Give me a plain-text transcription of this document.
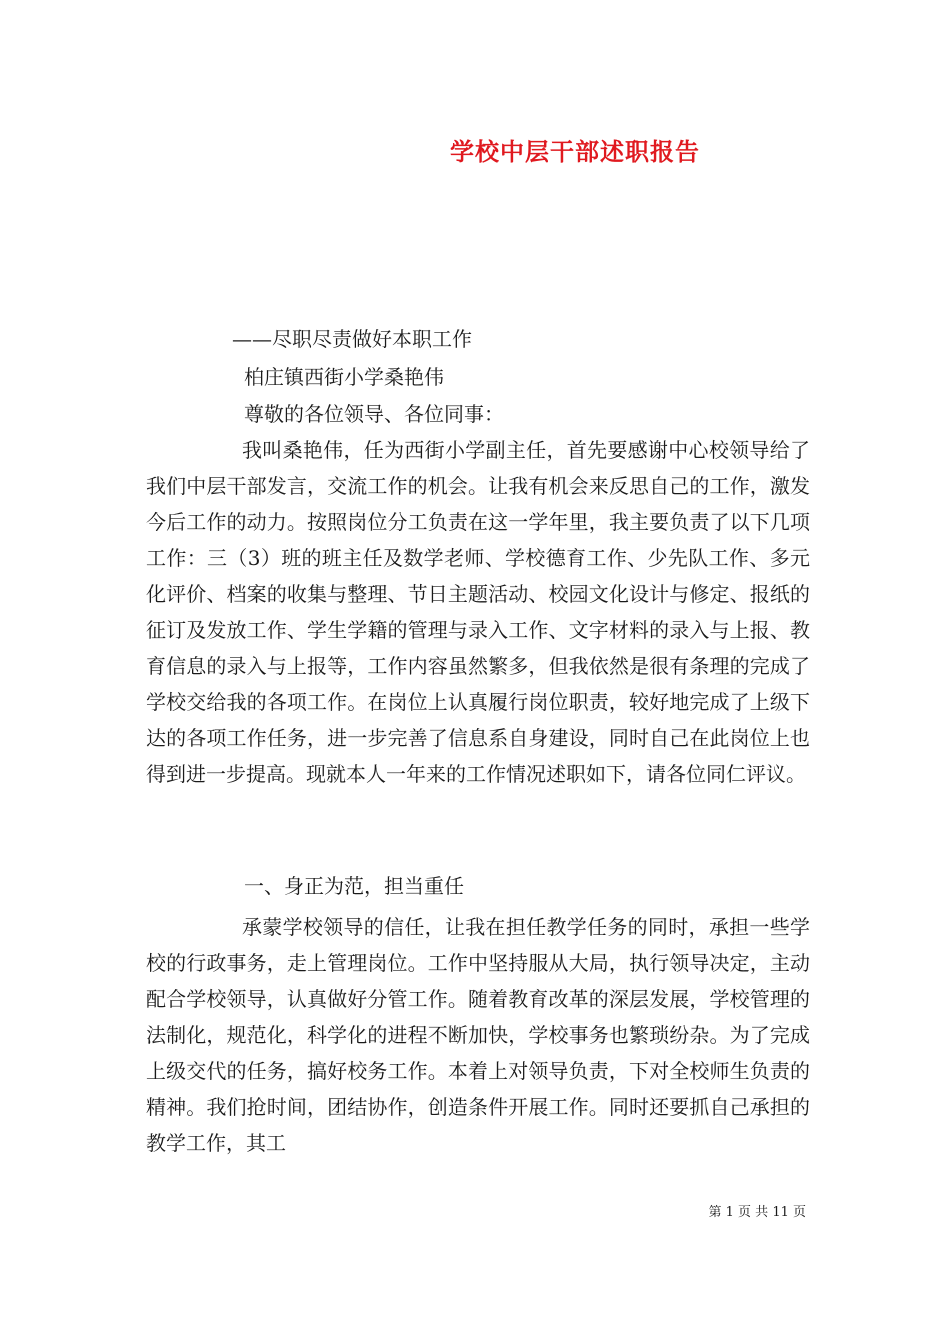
学校中层干部述职报告
——尽职尽责做好本职工作
柏庄镇西街小学桑艳伟
尊敬的各位领导、各位同事：

我叫桑艳伟，任为西街小学副主任，首先要感谢中心校领导给了我们中层干部发言，交流工作的机会。让我有机会来反思自己的工作，激发今后工作的动力。按照岗位分工负责在这一学年里，我主要负责了以下几项工作：三（3）班的班主任及数学老师、学校德育工作、少先队工作、多元化评价、档案的收集与整理、节日主题活动、校园文化设计与修定、报纸的征订及发放工作、学生学籍的管理与录入工作、文字材料的录入与上报、教育信息的录入与上报等，工作内容虽然繁多，但我依然是很有条理的完成了学校交给我的各项工作。在岗位上认真履行岗位职责，较好地完成了上级下达的各项工作任务，进一步完善了信息系自身建设，同时自己在此岗位上也得到进一步提高。现就本人一年来的工作情况述职如下，请各位同仁评议。

一、身正为范，担当重任

承蒙学校领导的信任，让我在担任教学任务的同时，承担一些学校的行政事务，走上管理岗位。工作中坚持服从大局，执行领导决定，主动配合学校领导，认真做好分管工作。随着教育改革的深层发展，学校管理的法制化，规范化，科学化的进程不断加快，学校事务也繁琐纷杂。为了完成上级交代的任务，搞好校务工作。本着上对领导负责，下对全校师生负责的精神。我们抢时间，团结协作，创造条件开展工作。同时还要抓自己承担的教学工作，其工

第 1 页 共 11 页
